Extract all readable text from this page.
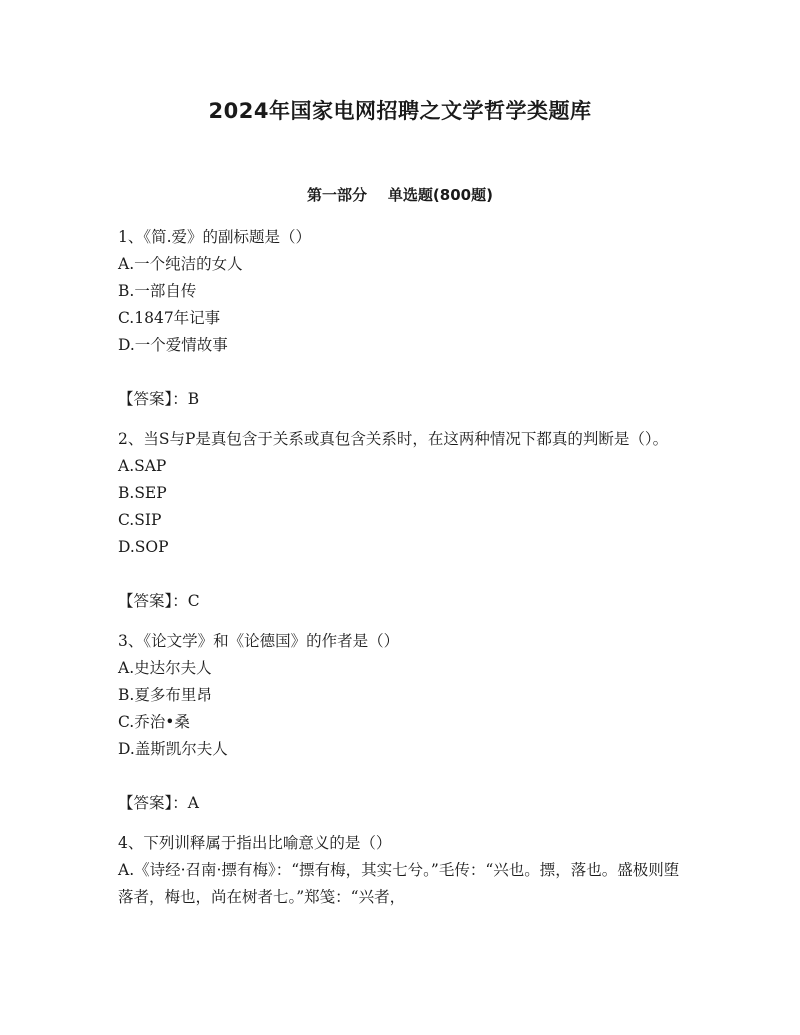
2024年国家电网招聘之文学哲学类题库
第一部分    单选题(800题)

1、《简.爱》的副标题是（）

A.一个纯洁的女人

B.一部自传

C.1847年记事

D.一个爱情故事

【答案】：B

2、当S与P是真包含于关系或真包含关系时，在这两种情况下都真的判断是（）。

A.SAP

B.SEP

C.SIP

D.SOP

【答案】：C

3、《论文学》和《论德国》的作者是（）

A.史达尔夫人

B.夏多布里昂

C.乔治•桑

D.盖斯凯尔夫人

【答案】：A

4、下列训释属于指出比喻意义的是（）

A.《诗经·召南·摽有梅》：“摽有梅，其实七兮。”毛传：“兴也。摽，落也。盛极则堕落者，梅也，尚在树者七。”郑笺：“兴者，
